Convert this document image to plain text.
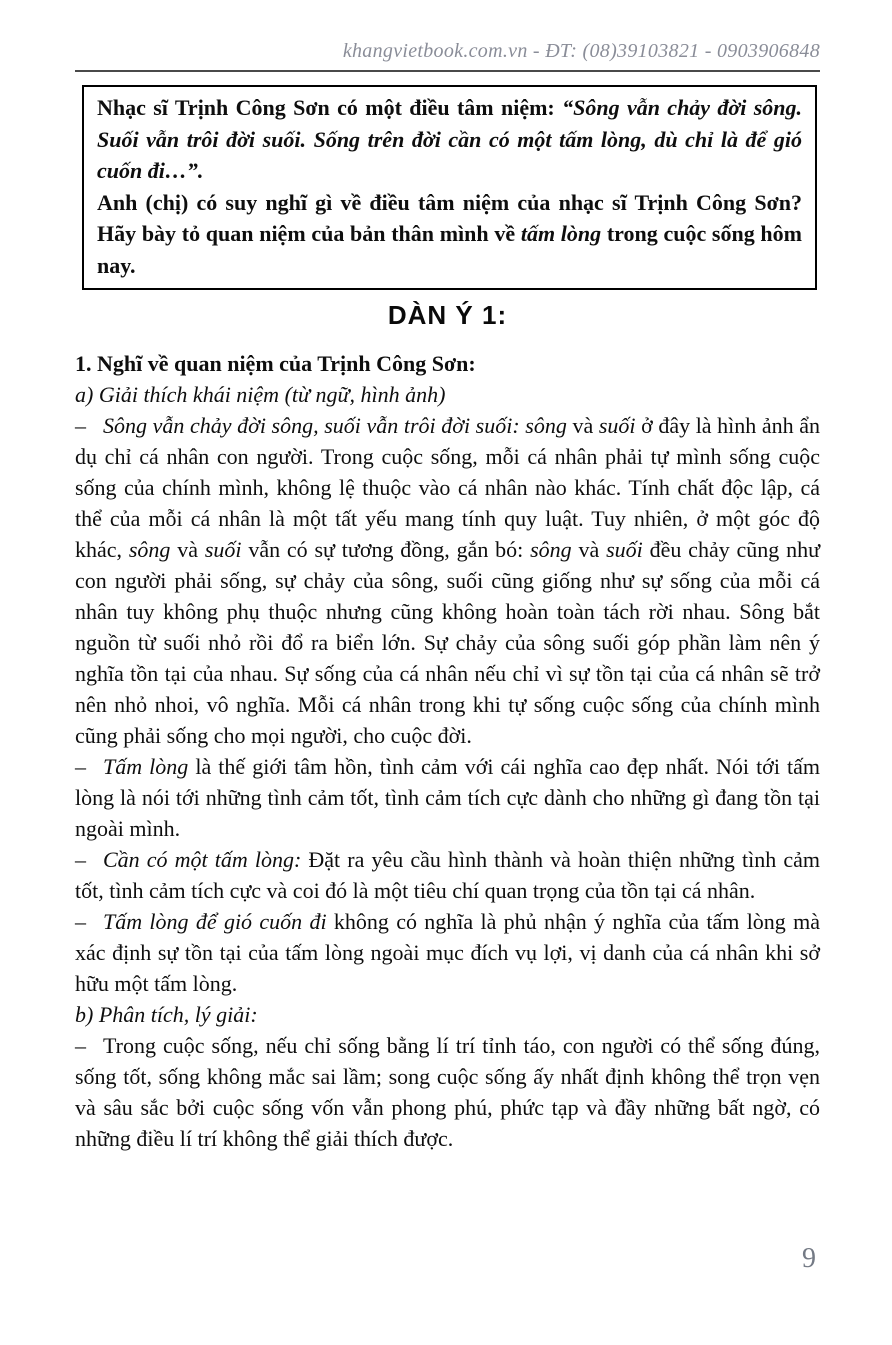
khangvietbook.com.vn - ĐT: (08)39103821 - 0903906848

Nhạc sĩ Trịnh Công Sơn có một điều tâm niệm: “Sông vẫn chảy đời sông. Suối vẫn trôi đời suối. Sống trên đời cần có một tấm lòng, dù chỉ là để gió cuốn đi…”.

Anh (chị) có suy nghĩ gì về điều tâm niệm của nhạc sĩ Trịnh Công Sơn? Hãy bày tỏ quan niệm của bản thân mình về tấm lòng trong cuộc sống hôm nay.

DÀN Ý 1:

1. Nghĩ về quan niệm của Trịnh Công Sơn:

a) Giải thích khái niệm (từ ngữ, hình ảnh)

– Sông vẫn chảy đời sông, suối vẫn trôi đời suối: sông và suối ở đây là hình ảnh ẩn dụ chỉ cá nhân con người. Trong cuộc sống, mỗi cá nhân phải tự mình sống cuộc sống của chính mình, không lệ thuộc vào cá nhân nào khác. Tính chất độc lập, cá thể của mỗi cá nhân là một tất yếu mang tính quy luật. Tuy nhiên, ở một góc độ khác, sông và suối vẫn có sự tương đồng, gắn bó: sông và suối đều chảy cũng như con người phải sống, sự chảy của sông, suối cũng giống như sự sống của mỗi cá nhân tuy không phụ thuộc nhưng cũng không hoàn toàn tách rời nhau. Sông bắt nguồn từ suối nhỏ rồi đổ ra biển lớn. Sự chảy của sông suối góp phần làm nên ý nghĩa tồn tại của nhau. Sự sống của cá nhân nếu chỉ vì sự tồn tại của cá nhân sẽ trở nên nhỏ nhoi, vô nghĩa. Mỗi cá nhân trong khi tự sống cuộc sống của chính mình cũng phải sống cho mọi người, cho cuộc đời.

– Tấm lòng là thế giới tâm hồn, tình cảm với cái nghĩa cao đẹp nhất. Nói tới tấm lòng là nói tới những tình cảm tốt, tình cảm tích cực dành cho những gì đang tồn tại ngoài mình.

– Cần có một tấm lòng: Đặt ra yêu cầu hình thành và hoàn thiện những tình cảm tốt, tình cảm tích cực và coi đó là một tiêu chí quan trọng của tồn tại cá nhân.

– Tấm lòng để gió cuốn đi không có nghĩa là phủ nhận ý nghĩa của tấm lòng mà xác định sự tồn tại của tấm lòng ngoài mục đích vụ lợi, vị danh của cá nhân khi sở hữu một tấm lòng.

b) Phân tích, lý giải:

– Trong cuộc sống, nếu chỉ sống bằng lí trí tỉnh táo, con người có thể sống đúng, sống tốt, sống không mắc sai lầm; song cuộc sống ấy nhất định không thể trọn vẹn và sâu sắc bởi cuộc sống vốn vẫn phong phú, phức tạp và đầy những bất ngờ, có những điều lí trí không thể giải thích được.

9
